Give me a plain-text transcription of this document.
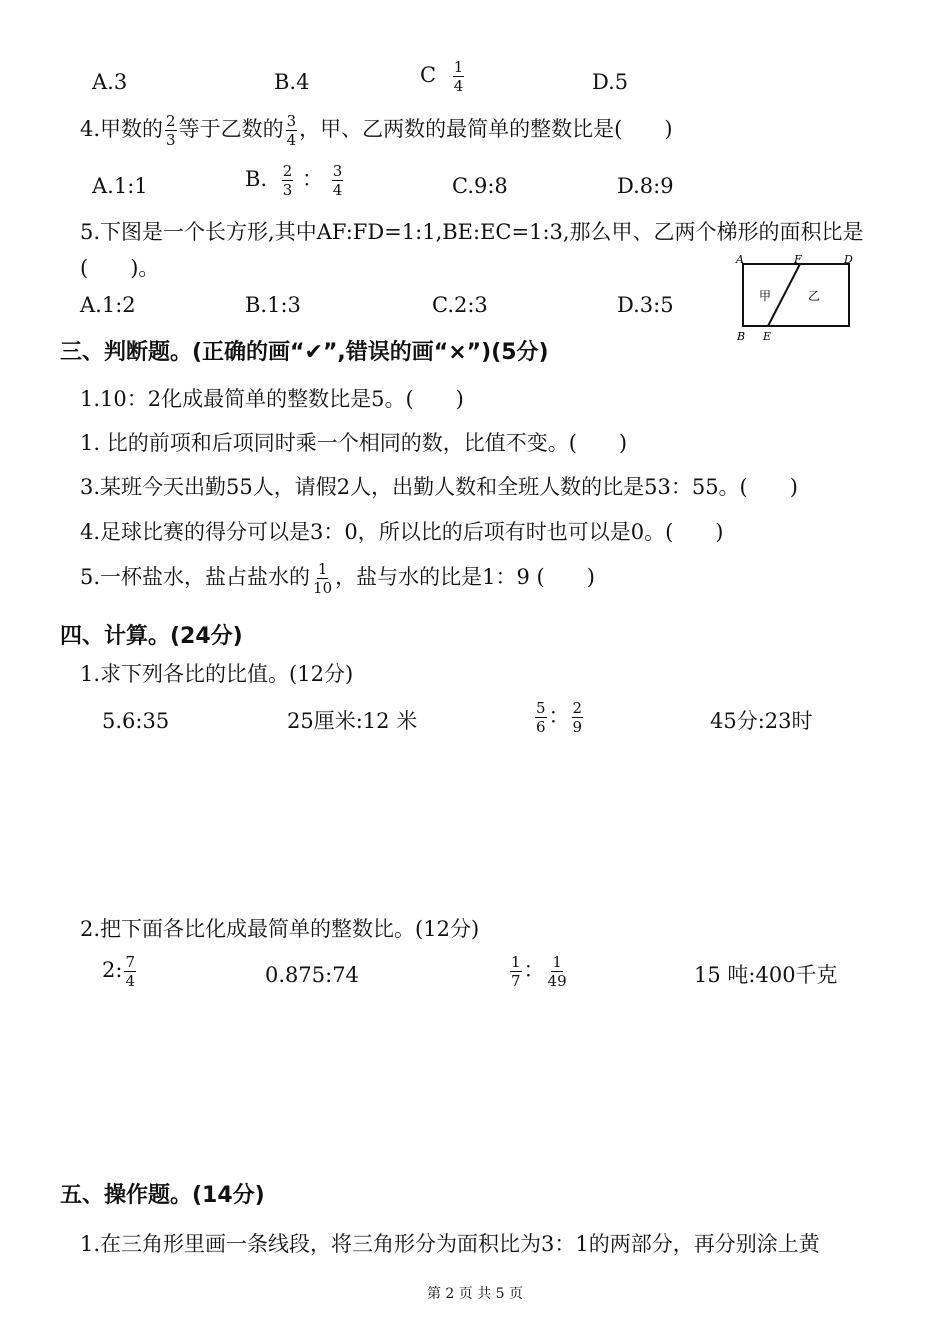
A.3	B.4	C $\frac{1}{4}$	D.5
4.甲数的 $\frac{2}{3}$ 等于乙数的 $\frac{3}{4}$ ，甲、乙两数的最简单的整数比是(　　)
A.1:1	B. $\frac{2}{3}$ ： $\frac{3}{4}$	C.9:8	D.8:9
5.下图是一个长方形,其中AF:FD=1:1,BE:EC=1:3,那么甲、乙两个梯形的面积比是
(　　)。
A.1:2	B.1:3	C.2:3	D.3:5
A	F	D
B E
甲	乙
三、判断题。(正确的画“✔”,错误的画“×”)(5分)
1.10：2化成最简单的整数比是5。(　　)
1. 比的前项和后项同时乘一个相同的数，比值不变。(　　)
3.某班今天出勤55人，请假2人，出勤人数和全班人数的比是53：55。(　　)
4.足球比赛的得分可以是3：0，所以比的后项有时也可以是0。(　　)
5.一杯盐水，盐占盐水的 $\frac{1}{10}$ ，盐与水的比是1：9 (　　)
四、计算。(24分)
1.求下列各比的比值。(12分)
5.6:35	25厘米:12 米	$\frac{5}{6}$ ： $\frac{2}{9}$	45分:23时
2.把下面各比化成最简单的整数比。(12分)
2: $\frac{7}{4}$	0.875:74	$\frac{1}{7}$ ： $\frac{1}{49}$	15 吨:400千克
五、操作题。(14分)
1.在三角形里画一条线段，将三角形分为面积比为3：1的两部分，再分别涂上黄
第 2 页 共 5 页
